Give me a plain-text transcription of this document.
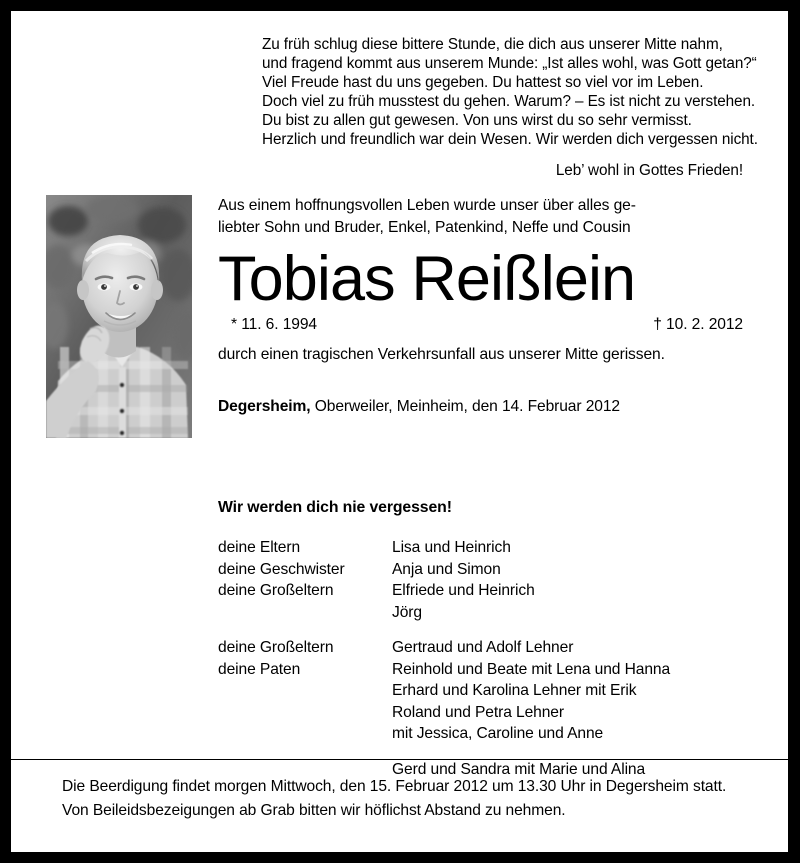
Zu früh schlug diese bittere Stunde, die dich aus unserer Mitte nahm,
und fragend kommt aus unserem Munde: „Ist alles wohl, was Gott getan?“
Viel Freude hast du uns gegeben. Du hattest so viel vor im Leben.
Doch viel zu früh musstest du gehen. Warum? – Es ist nicht zu verstehen.
Du bist zu allen gut gewesen. Von uns wirst du so sehr vermisst.
Herzlich und freundlich war dein Wesen. Wir werden dich vergessen nicht.
Leb’ wohl in Gottes Frieden!
Aus einem hoffnungsvollen Leben wurde unser über alles ge-
liebter Sohn und Bruder, Enkel, Patenkind, Neffe und Cousin
Tobias Reißlein
* 11. 6. 1994	† 10. 2. 2012
durch einen tragischen Verkehrsunfall aus unserer Mitte gerissen.
Degersheim, Oberweiler, Meinheim, den 14. Februar 2012
Wir werden dich nie vergessen!
deine Eltern	Lisa und Heinrich
deine Geschwister	Anja und Simon
deine Großeltern	Elfriede und Heinrich
Jörg
deine Großeltern	Gertraud und Adolf Lehner
deine Paten	Reinhold und Beate mit Lena und Hanna
Erhard und Karolina Lehner mit Erik
Roland und Petra Lehner
mit Jessica, Caroline und Anne
Gerd und Sandra mit Marie und Alina
Die Beerdigung findet morgen Mittwoch, den 15. Februar 2012 um 13.30 Uhr in Degersheim statt. Von Beileidsbezeigungen ab Grab bitten wir höflichst Abstand zu nehmen.
